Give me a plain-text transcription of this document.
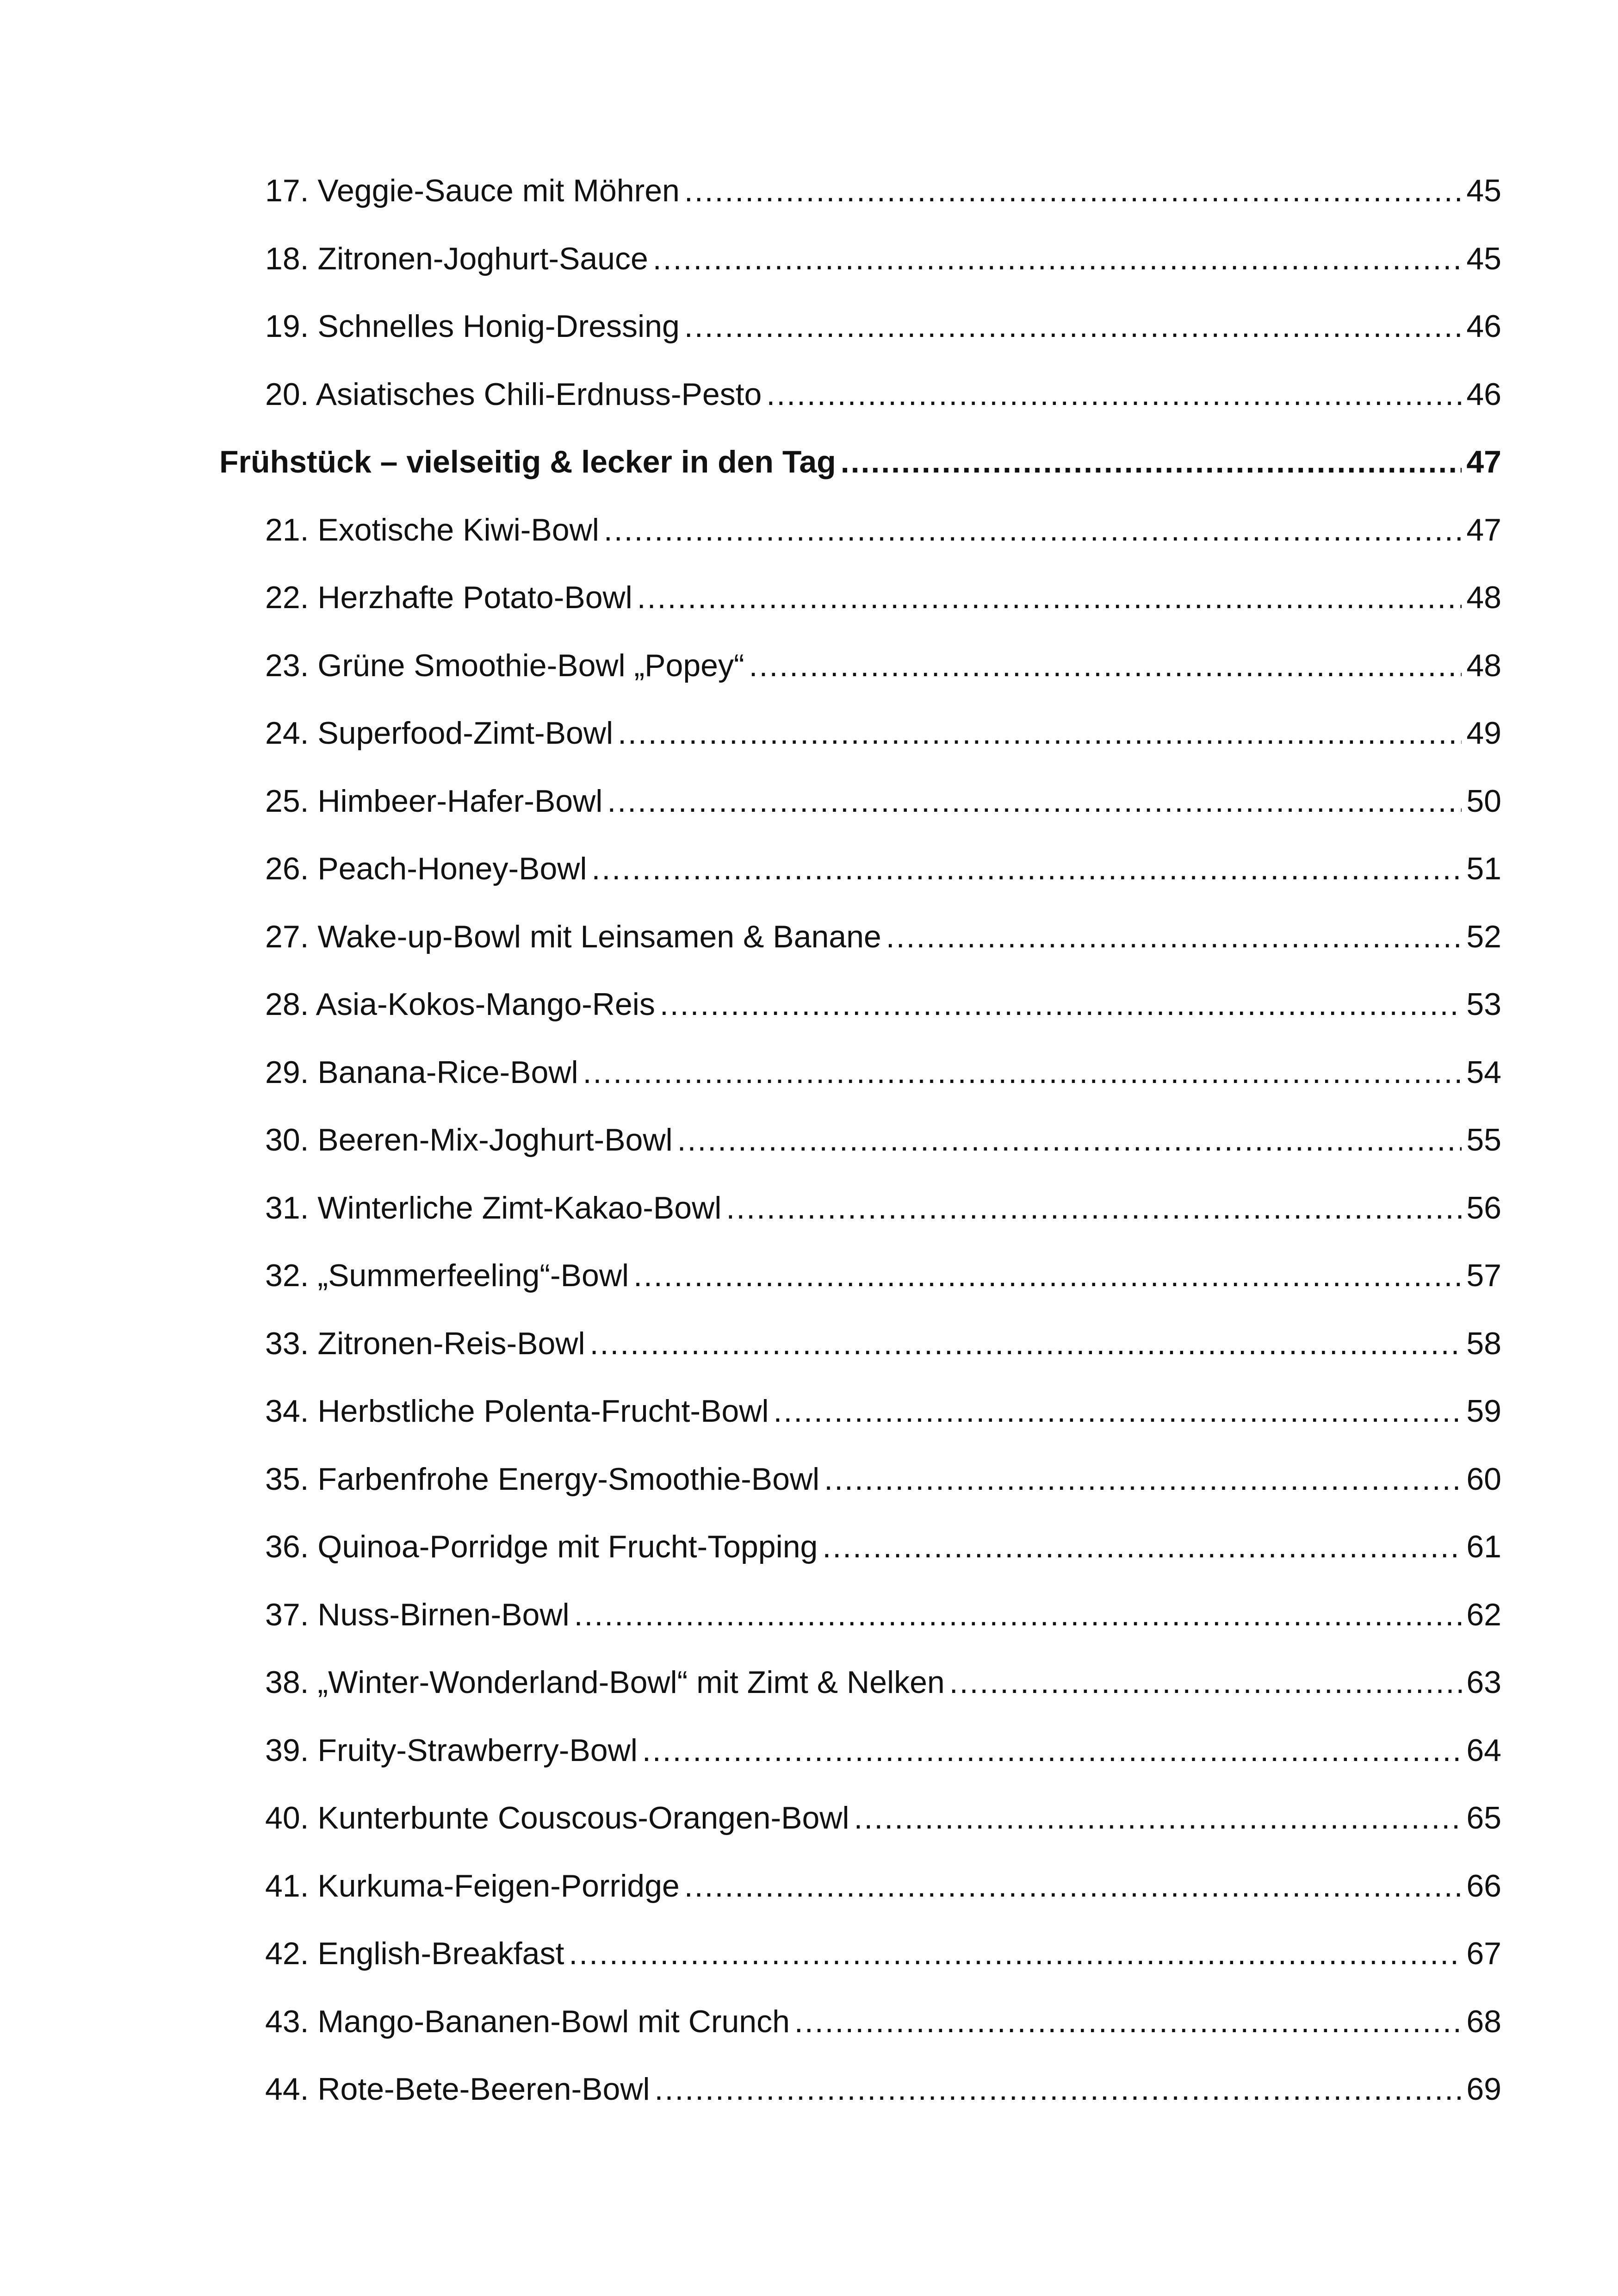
17. Veggie-Sauce mit Möhren .....	45
18. Zitronen-Joghurt-Sauce .....	45
19. Schnelles Honig-Dressing .....	46
20. Asiatisches Chili-Erdnuss-Pesto .....	46
Frühstück – vielseitig & lecker in den Tag .....	47
21. Exotische Kiwi-Bowl .....	47
22. Herzhafte Potato-Bowl .....	48
23. Grüne Smoothie-Bowl „Popey“ .....	48
24. Superfood-Zimt-Bowl .....	49
25. Himbeer-Hafer-Bowl .....	50
26. Peach-Honey-Bowl .....	51
27. Wake-up-Bowl mit Leinsamen & Banane .....	52
28. Asia-Kokos-Mango-Reis .....	53
29. Banana-Rice-Bowl .....	54
30. Beeren-Mix-Joghurt-Bowl .....	55
31. Winterliche Zimt-Kakao-Bowl .....	56
32. „Summerfeeling“-Bowl .....	57
33. Zitronen-Reis-Bowl .....	58
34. Herbstliche Polenta-Frucht-Bowl .....	59
35. Farbenfrohe Energy-Smoothie-Bowl .....	60
36. Quinoa-Porridge mit Frucht-Topping .....	61
37. Nuss-Birnen-Bowl .....	62
38. „Winter-Wonderland-Bowl“ mit Zimt & Nelken .....	63
39. Fruity-Strawberry-Bowl .....	64
40. Kunterbunte Couscous-Orangen-Bowl .....	65
41. Kurkuma-Feigen-Porridge .....	66
42. English-Breakfast .....	67
43. Mango-Bananen-Bowl mit Crunch .....	68
44. Rote-Bete-Beeren-Bowl .....	69
